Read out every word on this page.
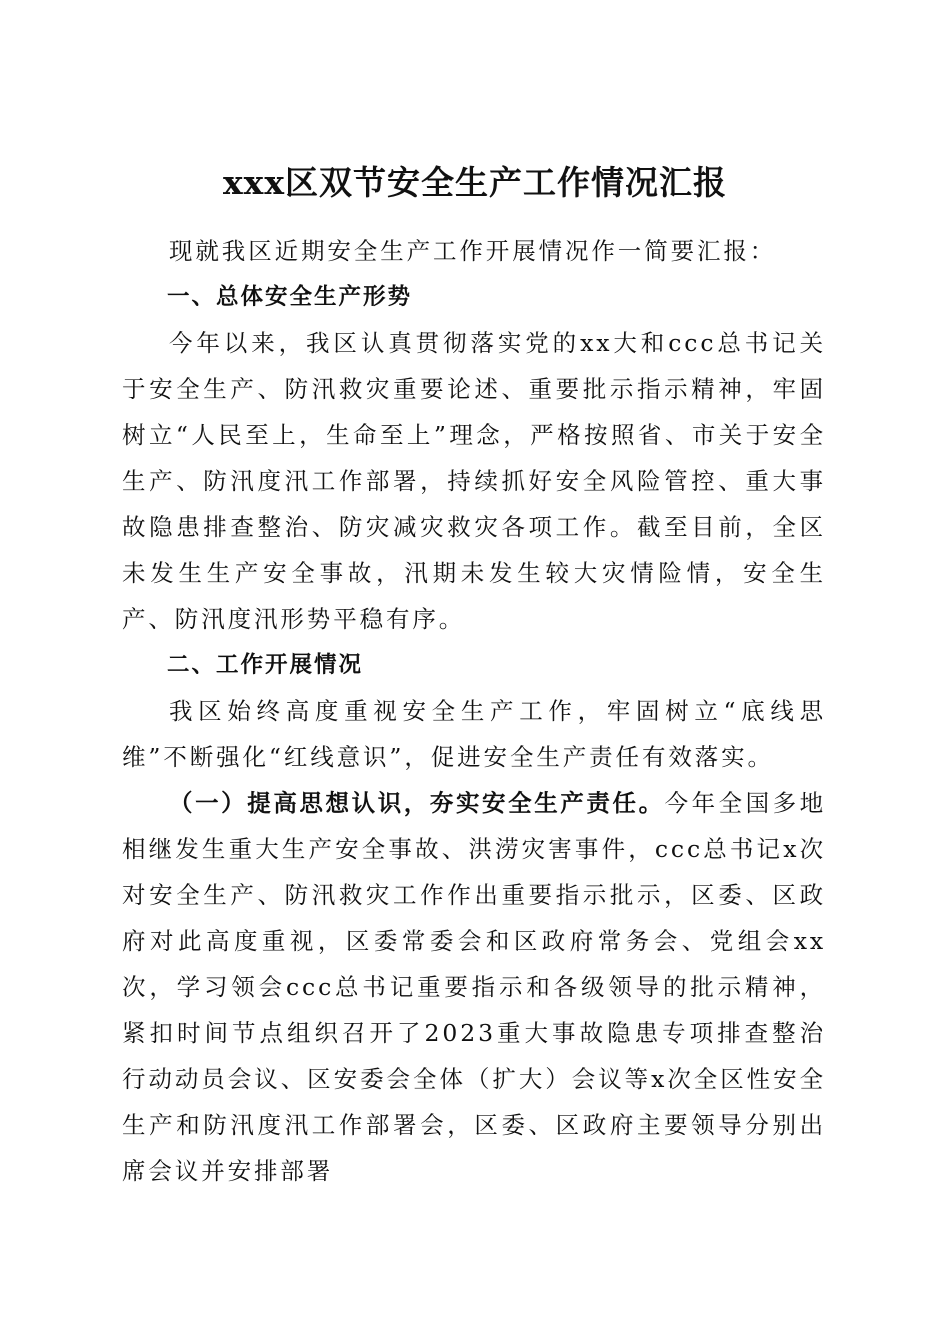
xxx区双节安全生产工作情况汇报

现就我区近期安全生产工作开展情况作一简要汇报：

一、总体安全生产形势

今年以来，我区认真贯彻落实党的xx大和ccc总书记关于安全生产、防汛救灾重要论述、重要批示指示精神，牢固树立“人民至上，生命至上”理念，严格按照省、市关于安全生产、防汛度汛工作部署，持续抓好安全风险管控、重大事故隐患排查整治、防灾减灾救灾各项工作。截至目前，全区未发生生产安全事故，汛期未发生较大灾情险情，安全生产、防汛度汛形势平稳有序。

二、工作开展情况

我区始终高度重视安全生产工作，牢固树立“底线思维”不断强化“红线意识”，促进安全生产责任有效落实。

（一）提高思想认识，夯实安全生产责任。今年全国多地相继发生重大生产安全事故、洪涝灾害事件，ccc总书记x次对安全生产、防汛救灾工作作出重要指示批示，区委、区政府对此高度重视，区委常委会和区政府常务会、党组会xx次，学习领会ccc总书记重要指示和各级领导的批示精神，紧扣时间节点组织召开了2023重大事故隐患专项排查整治行动动员会议、区安委会全体（扩大）会议等x次全区性安全生产和防汛度汛工作部署会，区委、区政府主要领导分别出席会议并安排部署
